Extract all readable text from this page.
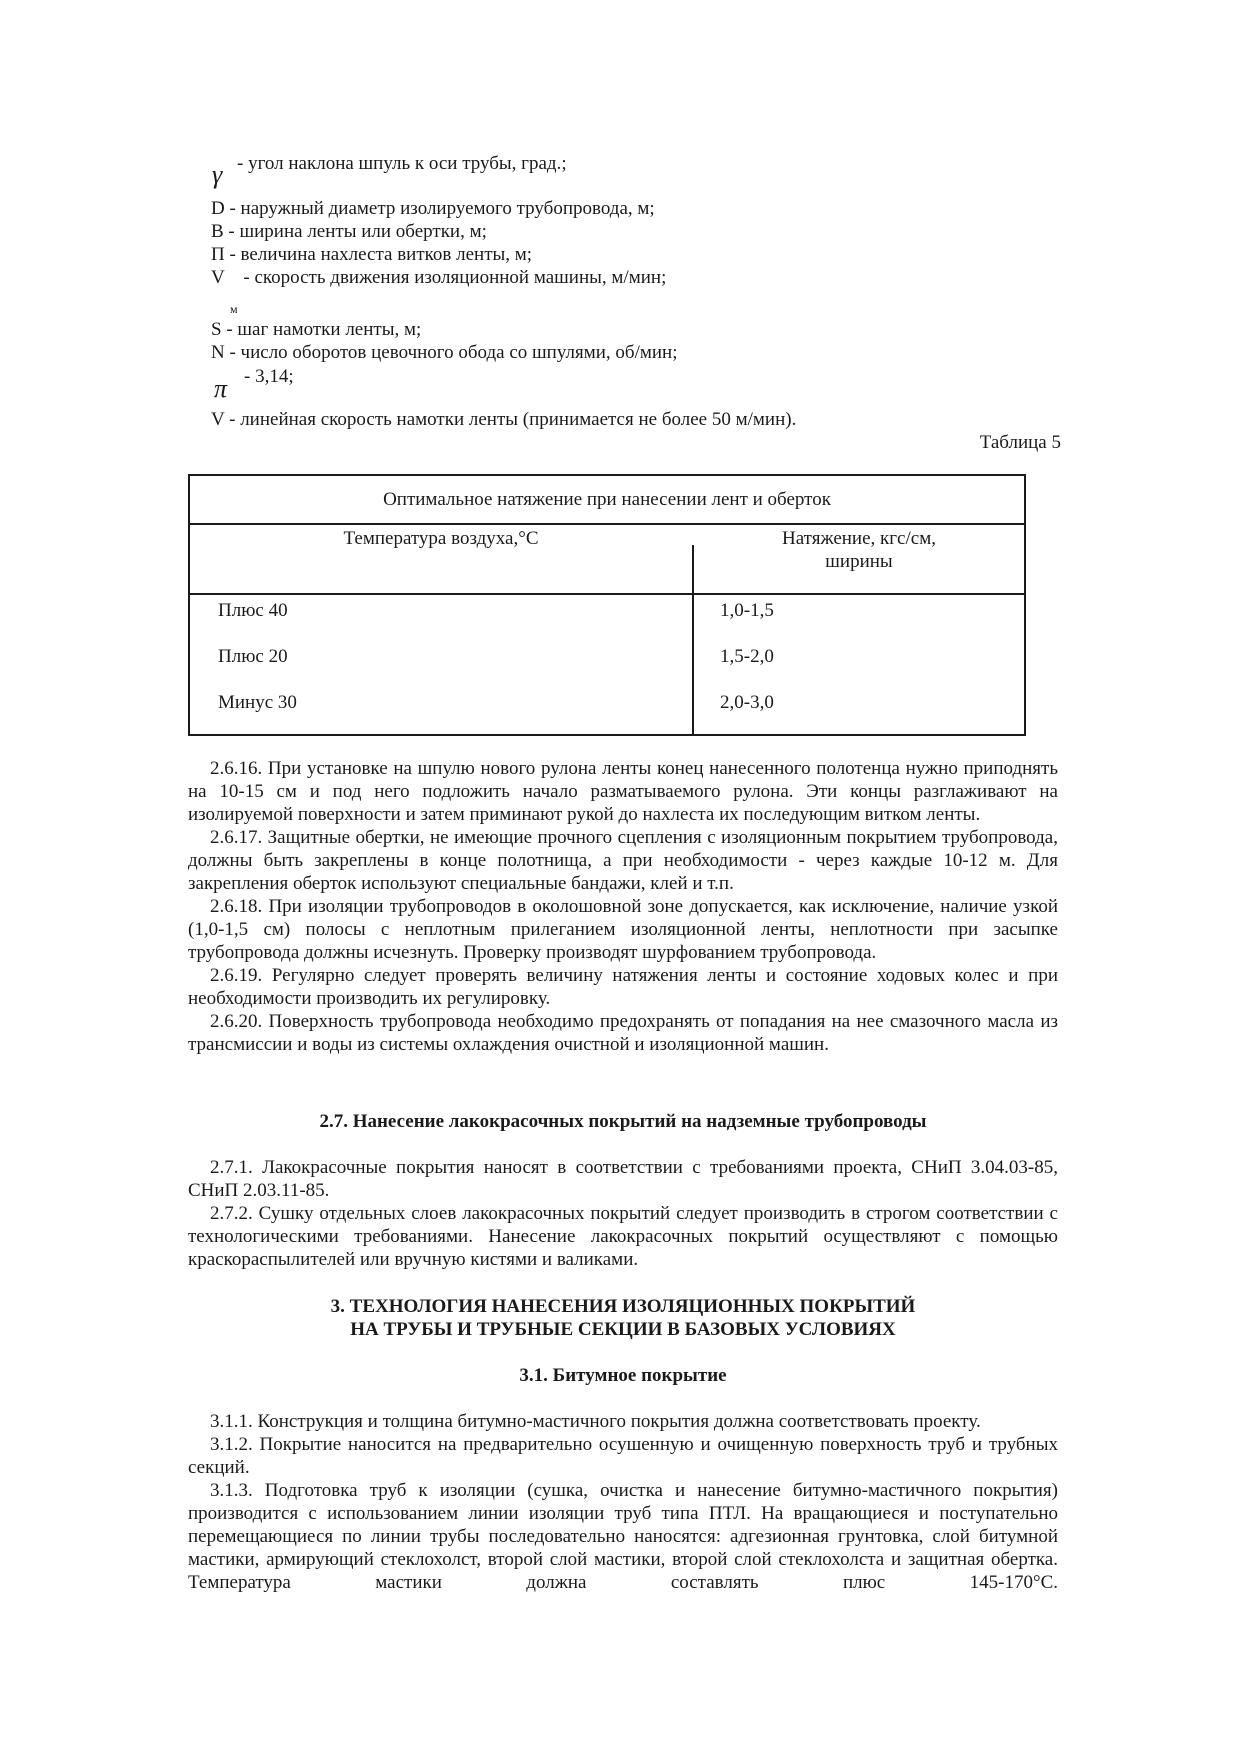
γ - угол наклона шпуль к оси трубы, град.;
D - наружный диаметр изолируемого трубопровода, м;
B - ширина ленты или обертки, м;
П - величина нахлеста витков ленты, м;
V    - скорость движения изоляционной машины, м/мин;
м
S - шаг намотки ленты, м;
N - число оборотов цевочного обода со шпулями, об/мин;
π - 3,14;
V - линейная скорость намотки ленты (принимается не более 50 м/мин).
Таблица 5
Оптимальное натяжение при нанесении лент и оберток
Температура воздуха,°С	Натяжение, кгс/см,
ширины
Плюс 40	1,0-1,5
Плюс 20	1,5-2,0
Минус 30	2,0-3,0

2.6.16. При установке на шпулю нового рулона ленты конец нанесенного полотенца нужно приподнять на 10-15 см и под него подложить начало разматываемого рулона. Эти концы разглаживают на изолируемой поверхности и затем приминают рукой до нахлеста их последующим витком ленты.

2.6.17. Защитные обертки, не имеющие прочного сцепления с изоляционным покрытием трубопровода, должны быть закреплены в конце полотнища, а при необходимости - через каждые 10-12 м. Для закрепления оберток используют специальные бандажи, клей и т.п.

2.6.18. При изоляции трубопроводов в околошовной зоне допускается, как исключение, наличие узкой (1,0-1,5 см) полосы с неплотным прилеганием изоляционной ленты, неплотности при засыпке трубопровода должны исчезнуть. Проверку производят шурфованием трубопровода.

2.6.19. Регулярно следует проверять величину натяжения ленты и состояние ходовых колес и при необходимости производить их регулировку.

2.6.20. Поверхность трубопровода необходимо предохранять от попадания на нее смазочного масла из трансмиссии и воды из системы охлаждения очистной и изоляционной машин.

2.7. Нанесение лакокрасочных покрытий на надземные трубопроводы

2.7.1. Лакокрасочные покрытия наносят в соответствии с требованиями проекта, СНиП 3.04.03-85, СНиП 2.03.11-85.

2.7.2. Сушку отдельных слоев лакокрасочных покрытий следует производить в строгом соответствии с технологическими требованиями. Нанесение лакокрасочных покрытий осуществляют с помощью краскораспылителей или вручную кистями и валиками.

3. ТЕХНОЛОГИЯ НАНЕСЕНИЯ ИЗОЛЯЦИОННЫХ ПОКРЫТИЙ
НА ТРУБЫ И ТРУБНЫЕ СЕКЦИИ В БАЗОВЫХ УСЛОВИЯХ
3.1. Битумное покрытие

3.1.1. Конструкция и толщина битумно-мастичного покрытия должна соответствовать проекту.

3.1.2. Покрытие наносится на предварительно осушенную и очищенную поверхность труб и трубных секций.

3.1.3. Подготовка труб к изоляции (сушка, очистка и нанесение битумно-мастичного покрытия) производится с использованием линии изоляции труб типа ПТЛ. На вращающиеся и поступательно перемещающиеся по линии трубы последовательно наносятся: адгезионная грунтовка, слой битумной мастики, армирующий стеклохолст, второй слой мастики, второй слой стеклохолста и защитная обертка. Температура мастики должна составлять плюс 145-170°С.
